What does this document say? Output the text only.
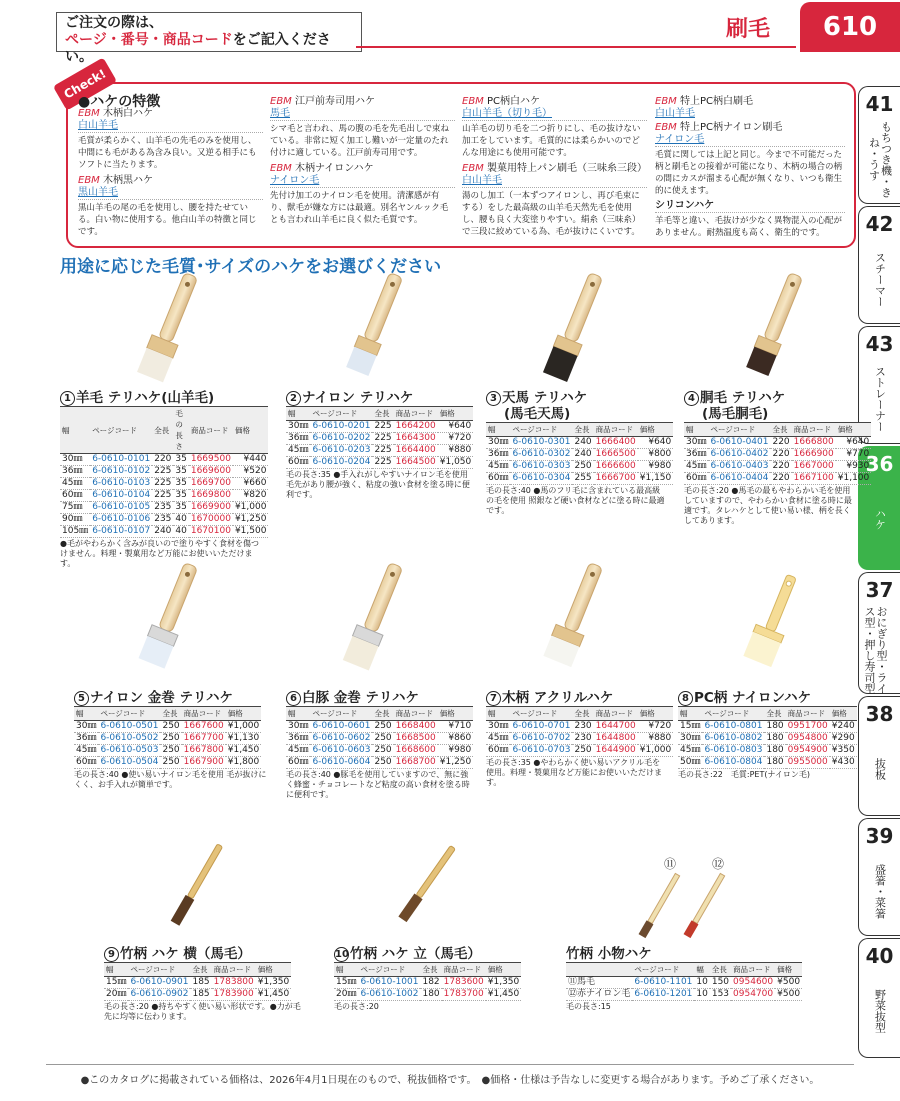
ご注文の際は、
ページ・番号・商品コードをご記入ください。
刷毛	610
41
もちつき機・きね・うす
42
スチーマー
43
ストレーナー
36
ハケ
37
おにぎり型・ライス型・押し寿司型
38
抜板
39
盛箸・菜箸
40
野菜抜型
Check!
●ハケの特徴
EBM 木柄白ハケ
白山羊毛
毛質が柔らかく、山羊毛の先毛のみを使用し、中間にも毛がある為含み良い。又逆る相手にもソフトに当たります。
EBM 木柄黒ハケ
黒山羊毛
黒山羊毛の尾の毛を使用し、腰を持たせている。白い物に使用する。他白山羊の特徴と同じです。
EBM 江戸前寿司用ハケ
馬毛
シマ毛と言われ、馬の腹の毛を先毛出しで束ねている。非常に短く加工し難いが一定量のたれ付けに適している。江戸前寿司用です。
EBM 木柄ナイロンハケ
ナイロン毛
先付け加工のナイロン毛を使用。清潔感が有り、獣毛が嫌な方には最適。別名ヤンルック毛とも言われ山羊毛に良く似た毛質です。
EBM PC柄白ハケ
白山羊毛（切り毛）
山羊毛の切り毛を二つ折りにし、毛の抜けない加工をしています。毛質的には柔らかいのでどんな用途にも使用可能です。
EBM 製菓用特上パン刷毛（三味糸三段）
白山羊毛
湯のし加工（一本ずつアイロンし、再び毛束にする）をした最高級の山羊毛天然先毛を使用し、腰も良く大変塗りやすい。絹糸（三味糸）で三段に絞めている為、毛が抜けにくいです。
EBM 特上PC柄白刷毛
白山羊毛
EBM 特上PC柄ナイロン刷毛
ナイロン毛
毛質に関しては上記と同じ。今まで不可能だった柄と刷毛との接着が可能になり、木柄の場合の柄の間にカスが溜まる心配が無くなり、いつも衛生的に使えます。
シリコンハケ
羊毛等と違い、毛抜けが少なく異物混入の心配がありません。耐熱温度も高く、衛生的です。
用途に応じた毛質･サイズのハケをお選びください
⑪	⑫
1 羊毛 テリハケ(山羊毛)
幅	ページコード	全長	毛の長さ	商品コード	価格
30㎜	6-0610-0101	220	35	1669500	¥440
36㎜	6-0610-0102	225	35	1669600	¥520
45㎜	6-0610-0103	225	35	1669700	¥660
60㎜	6-0610-0104	225	35	1669800	¥820
75㎜	6-0610-0105	235	35	1669900	¥1,000
90㎜	6-0610-0106	235	40	1670000	¥1,250
105㎜	6-0610-0107	240	40	1670100	¥1,500
●毛がやわらかく含みが良いので塗りやすく食材を傷つけません。料理・製菓用など万能にお使いいただけます。
2 ナイロン テリハケ
幅	ページコード	全長	商品コード	価格
30㎜	6-0610-0201	225	1664200	¥640
36㎜	6-0610-0202	225	1664300	¥720
45㎜	6-0610-0203	225	1664400	¥880
60㎜	6-0610-0204	225	1664500	¥1,050
毛の長さ:35 ●手入れがしやすいナイロン毛を使用 毛先があり腰が強く、粘度の強い食材を塗る時に便利です。
3 天馬 テリハケ
(馬毛天馬)
幅	ページコード	全長	商品コード	価格
30㎜	6-0610-0301	240	1666400	¥640
36㎜	6-0610-0302	240	1666500	¥800
45㎜	6-0610-0303	250	1666600	¥980
60㎜	6-0610-0304	255	1666700	¥1,150
毛の長さ:40 ●馬のフリ毛に含まれている最高級の毛を使用 照銀など硬い食材などに塗る時に最適です。
4 胴毛 テリハケ
(馬毛胴毛)
幅	ページコード	全長	商品コード	価格
30㎜	6-0610-0401	220	1666800	¥640
36㎜	6-0610-0402	220	1666900	¥770
45㎜	6-0610-0403	220	1667000	¥930
60㎜	6-0610-0404	220	1667100	¥1,100
毛の長さ:20 ●馬毛の最もやわらかい毛を使用していますので、やわらかい食材に塗る時に最適です。タレハケとして使い易い様、柄を長くしてあります。
5 ナイロン 金巻 テリハケ
幅	ページコード	全長	商品コード	価格
30㎜	6-0610-0501	250	1667600	¥1,000
36㎜	6-0610-0502	250	1667700	¥1,130
45㎜	6-0610-0503	250	1667800	¥1,450
60㎜	6-0610-0504	250	1667900	¥1,800
毛の長さ:40 ●使い易いナイロン毛を使用 毛が抜けにくく、お手入れが簡単です。
6 白豚 金巻 テリハケ
幅	ページコード	全長	商品コード	価格
30㎜	6-0610-0601	250	1668400	¥710
36㎜	6-0610-0602	250	1668500	¥860
45㎜	6-0610-0603	250	1668600	¥980
60㎜	6-0610-0604	250	1668700	¥1,250
毛の長さ:40 ●豚毛を使用していますので、無に強く蜂蜜・チョコレートなど粘度の高い食材を塗る時に便利です。
7 木柄 アクリルハケ
幅	ページコード	全長	商品コード	価格
30㎜	6-0610-0701	230	1644700	¥720
45㎜	6-0610-0702	230	1644800	¥880
60㎜	6-0610-0703	250	1644900	¥1,000
毛の長さ:35 ●やわらかく使い易いアクリル毛を使用。料理・製菓用など万能にお使いいただけます。
8 PC柄 ナイロンハケ
幅	ページコード	全長	商品コード	価格
15㎜	6-0610-0801	180	0951700	¥240
30㎜	6-0610-0802	180	0954800	¥290
45㎜	6-0610-0803	180	0954900	¥350
50㎜	6-0610-0804	180	0955000	¥430
毛の長さ:22　毛質:PET(ナイロン毛)
9 竹柄 ハケ 横（馬毛）
幅	ページコード	全長	商品コード	価格
15㎜	6-0610-0901	185	1783800	¥1,350
20㎜	6-0610-0902	185	1783900	¥1,450
毛の長さ:20 ●持ちやすく使い易い形状です。●力が毛先に均等に伝わります。
10竹柄 ハケ 立（馬毛）
幅	ページコード	全長	商品コード	価格
15㎜	6-0610-1001	182	1783600	¥1,350
20㎜	6-0610-1002	180	1783700	¥1,450
毛の長さ:20
竹柄 小物ハケ
	ページコード	幅	全長	商品コード	価格
⑪馬毛	6-0610-1101	10	150	0954600	¥500
⑫赤ナイロン毛	6-0610-1201	10	153	0954700	¥500
毛の長さ:15
●このカタログに掲載されている価格は、2026年4月1日現在のもので、税抜価格です。　●価格・仕様は予告なしに変更する場合があります。予めご了承ください。
